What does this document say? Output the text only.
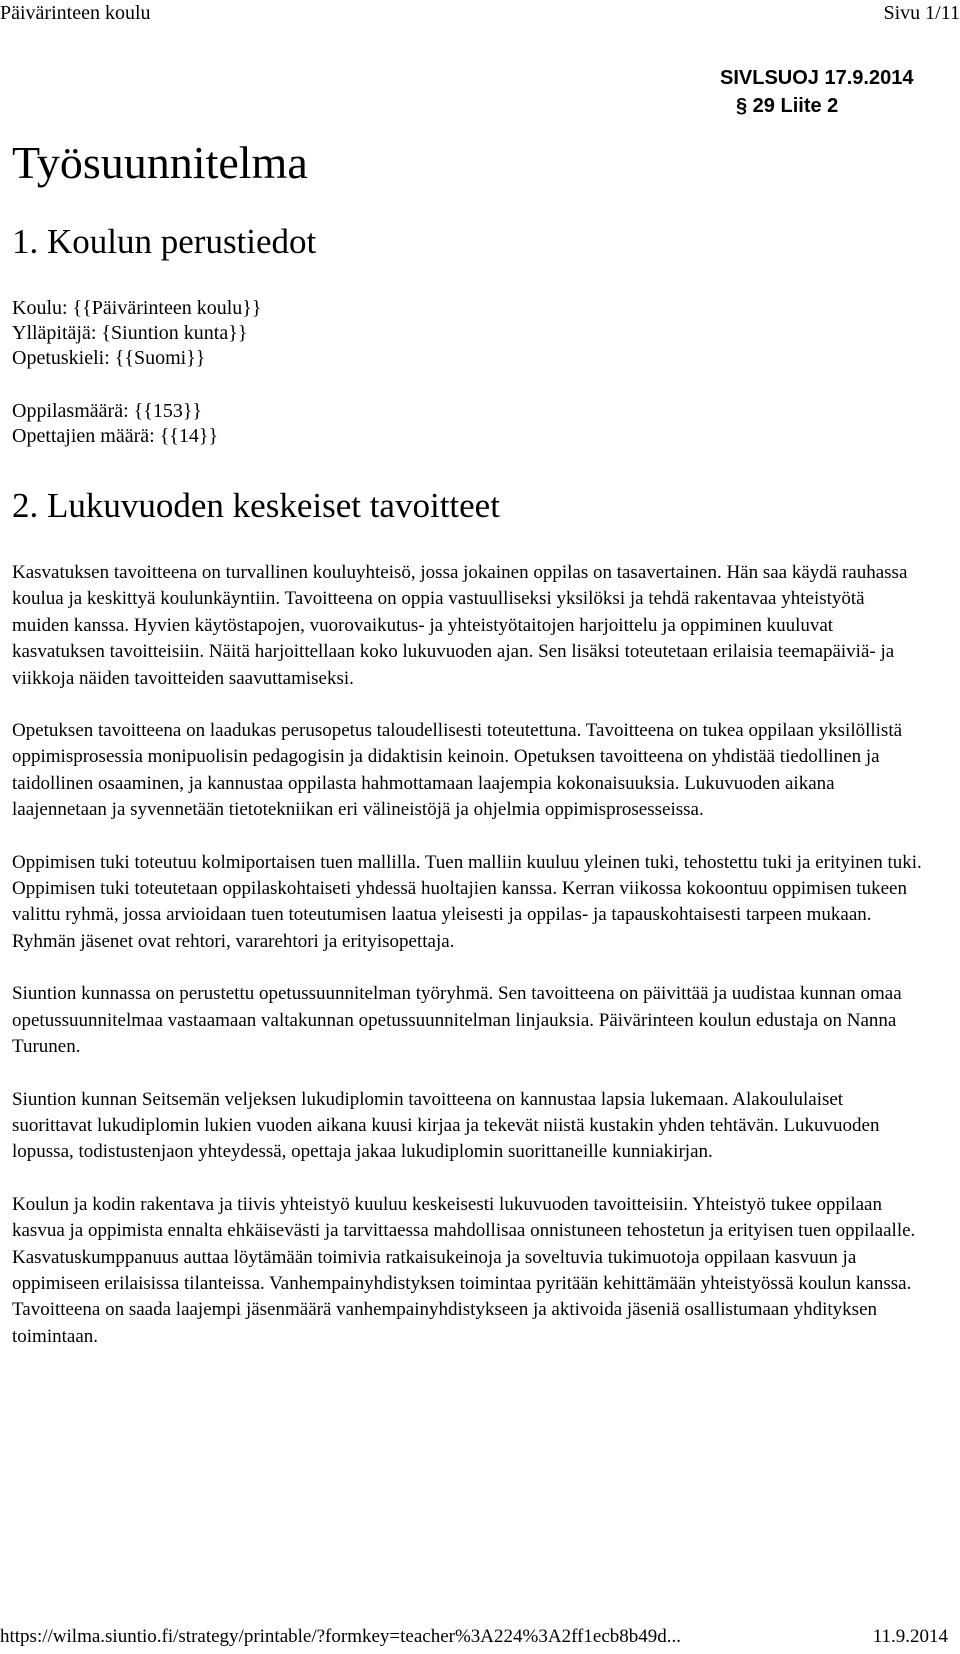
Päivärinteen koulu	Sivu 1/11
SIVLSUOJ 17.9.2014
§ 29 Liite 2
Työsuunnitelma
1. Koulun perustiedot
Koulu: {{Päivärinteen koulu}}
Ylläpitäjä: {Siuntion kunta}}
Opetuskieli: {{Suomi}}
Oppilasmäärä: {{153}}
Opettajien määrä: {{14}}
2. Lukuvuoden keskeiset tavoitteet

Kasvatuksen tavoitteena on turvallinen kouluyhteisö, jossa jokainen oppilas on tasavertainen. Hän saa käydä rauhassa koulua ja keskittyä koulunkäyntiin. Tavoitteena on oppia vastuulliseksi yksilöksi ja tehdä rakentavaa yhteistyötä muiden kanssa. Hyvien käytöstapojen, vuorovaikutus- ja yhteistyötaitojen harjoittelu ja oppiminen kuuluvat kasvatuksen tavoitteisiin. Näitä harjoittellaan koko lukuvuoden ajan. Sen lisäksi toteutetaan erilaisia teemapäiviä- ja viikkoja näiden tavoitteiden saavuttamiseksi.

Opetuksen tavoitteena on laadukas perusopetus taloudellisesti toteutettuna. Tavoitteena on tukea oppilaan yksilöllistä oppimisprosessia monipuolisin pedagogisin ja didaktisin keinoin. Opetuksen tavoitteena on yhdistää tiedollinen ja taidollinen osaaminen, ja kannustaa oppilasta hahmottamaan laajempia kokonaisuuksia. Lukuvuoden aikana laajennetaan ja syvennetään tietotekniikan eri välineistöjä ja ohjelmia oppimisprosesseissa.

Oppimisen tuki toteutuu kolmiportaisen tuen mallilla. Tuen malliin kuuluu yleinen tuki, tehostettu tuki ja erityinen tuki. Oppimisen tuki toteutetaan oppilaskohtaiseti yhdessä huoltajien kanssa. Kerran viikossa kokoontuu oppimisen tukeen valittu ryhmä, jossa arvioidaan tuen toteutumisen laatua yleisesti ja oppilas- ja tapauskohtaisesti tarpeen mukaan. Ryhmän jäsenet ovat rehtori, vararehtori ja erityisopettaja.

Siuntion kunnassa on perustettu opetussuunnitelman työryhmä. Sen tavoitteena on päivittää ja uudistaa kunnan omaa opetussuunnitelmaa vastaamaan valtakunnan opetussuunnitelman linjauksia. Päivärinteen koulun edustaja on Nanna Turunen.

Siuntion kunnan Seitsemän veljeksen lukudiplomin tavoitteena on kannustaa lapsia lukemaan. Alakoululaiset suorittavat lukudiplomin lukien vuoden aikana kuusi kirjaa ja tekevät niistä kustakin yhden tehtävän. Lukuvuoden lopussa, todistustenjaon yhteydessä, opettaja jakaa lukudiplomin suorittaneille kunniakirjan.

Koulun ja kodin rakentava ja tiivis yhteistyö kuuluu keskeisesti lukuvuoden tavoitteisiin. Yhteistyö tukee oppilaan kasvua ja oppimista ennalta ehkäisevästi ja tarvittaessa mahdollisaa onnistuneen tehostetun ja erityisen tuen oppilaalle. Kasvatuskumppanuus auttaa löytämään toimivia ratkaisukeinoja ja soveltuvia tukimuotoja oppilaan kasvuun ja oppimiseen erilaisissa tilanteissa. Vanhempainyhdistyksen toimintaa pyritään kehittämään yhteistyössä koulun kanssa. Tavoitteena on saada laajempi jäsenmäärä vanhempainyhdistykseen ja aktivoida jäseniä osallistumaan yhdityksen toimintaan.

https://wilma.siuntio.fi/strategy/printable/?formkey=teacher%3A224%3A2ff1ecb8b49d...	11.9.2014
